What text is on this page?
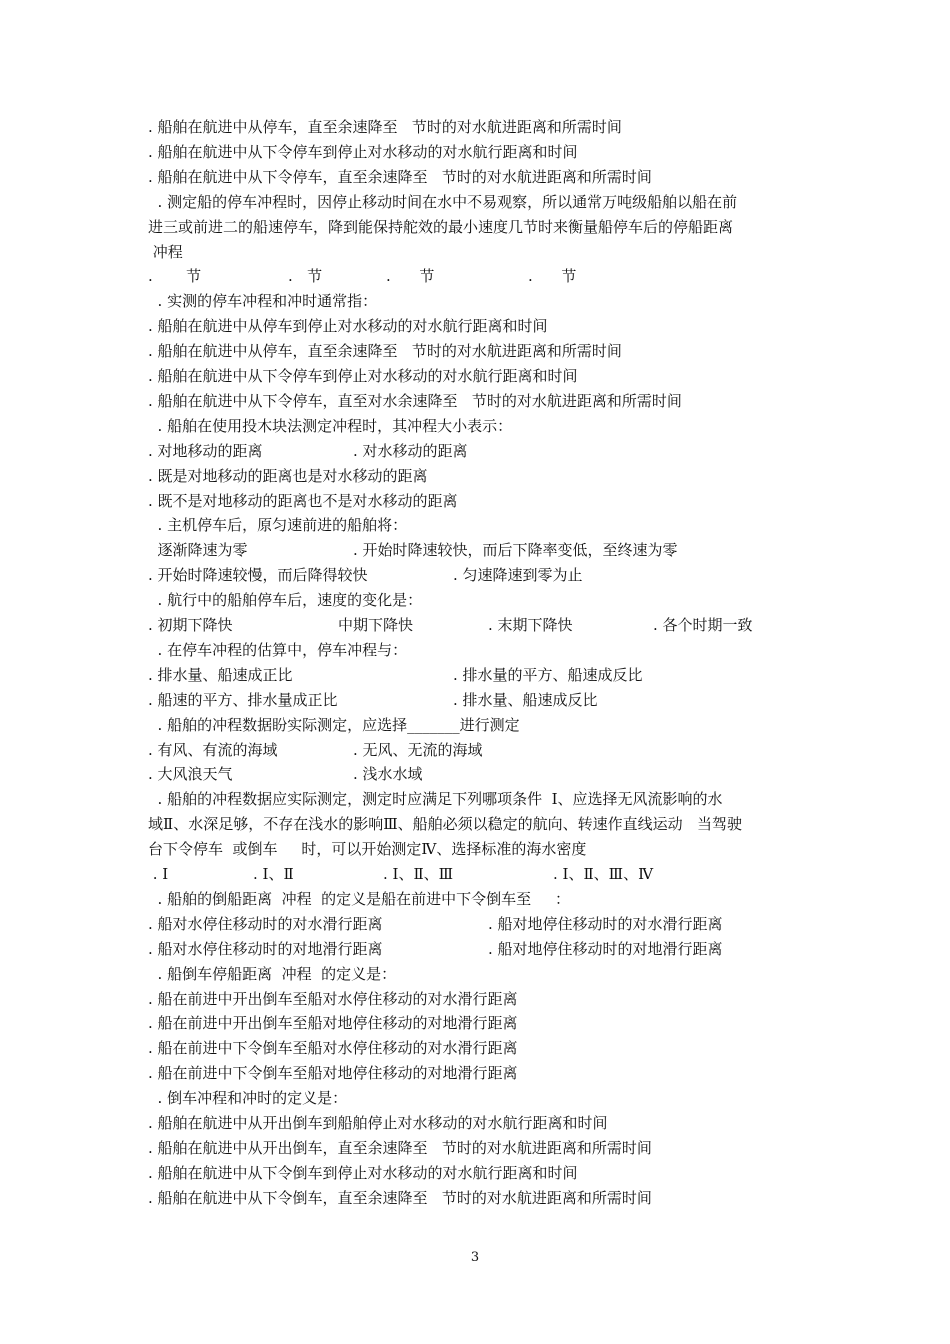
. 船舶在航进中从停车，直至余速降至   节时的对水航进距离和所需时间
. 船舶在航进中从下令停车到停止对水移动的对水航行距离和时间
. 船舶在航进中从下令停车，直至余速降至   节时的对水航进距离和所需时间
. 测定船的停车冲程时，因停止移动时间在水中不易观察，所以通常万吨级船舶以船在前
进三或前进二的船速停车，降到能保持舵效的最小速度几节时来衡量船停车后的停船距离
冲程
.       节	.   节	.      节	.      节
. 实测的停车冲程和冲时通常指：
. 船舶在航进中从停车到停止对水移动的对水航行距离和时间
. 船舶在航进中从停车，直至余速降至   节时的对水航进距离和所需时间
. 船舶在航进中从下令停车到停止对水移动的对水航行距离和时间
. 船舶在航进中从下令停车，直至对水余速降至   节时的对水航进距离和所需时间
. 船舶在使用投木块法测定冲程时，其冲程大小表示：
. 对地移动的距离	. 对水移动的距离
. 既是对地移动的距离也是对水移动的距离
. 既不是对地移动的距离也不是对水移动的距离
. 主机停车后，原匀速前进的船舶将：
逐渐降速为零	. 开始时降速较快，而后下降率变低，至终速为零
. 开始时降速较慢，而后降得较快	. 匀速降速到零为止
. 航行中的船舶停车后，速度的变化是：
. 初期下降快	中期下降快	. 末期下降快	. 各个时期一致
. 在停车冲程的估算中，停车冲程与：
. 排水量、船速成正比	. 排水量的平方、船速成反比
. 船速的平方、排水量成正比	. 排水量、船速成反比
. 船舶的冲程数据盼实际测定，应选择_______进行测定
. 有风、有流的海域	. 无风、无流的海域
. 大风浪天气	. 浅水水域
. 船舶的冲程数据应实际测定，测定时应满足下列哪项条件  Ⅰ、应选择无风流影响的水
域Ⅱ、水深足够，不存在浅水的影响Ⅲ、船舶必须以稳定的航向、转速作直线运动   当驾驶
台下令停车  或倒车     时，可以开始测定Ⅳ、选择标准的海水密度
. Ⅰ	. Ⅰ、Ⅱ	. Ⅰ、Ⅱ、Ⅲ	. Ⅰ、Ⅱ、Ⅲ、Ⅳ
. 船舶的倒船距离  冲程  的定义是船在前进中下令倒车至     ：
. 船对水停住移动时的对水滑行距离	. 船对地停住移动时的对水滑行距离
. 船对水停住移动时的对地滑行距离	. 船对地停住移动时的对地滑行距离
. 船倒车停船距离  冲程  的定义是：
. 船在前进中开出倒车至船对水停住移动的对水滑行距离
. 船在前进中开出倒车至船对地停住移动的对地滑行距离
. 船在前进中下令倒车至船对水停住移动的对水滑行距离
. 船在前进中下令倒车至船对地停住移动的对地滑行距离
. 倒车冲程和冲时的定义是：
. 船舶在航进中从开出倒车到船舶停止对水移动的对水航行距离和时间
. 船舶在航进中从开出倒车，直至余速降至   节时的对水航进距离和所需时间
. 船舶在航进中从下令倒车到停止对水移动的对水航行距离和时间
. 船舶在航进中从下令倒车，直至余速降至   节时的对水航进距离和所需时间
3
